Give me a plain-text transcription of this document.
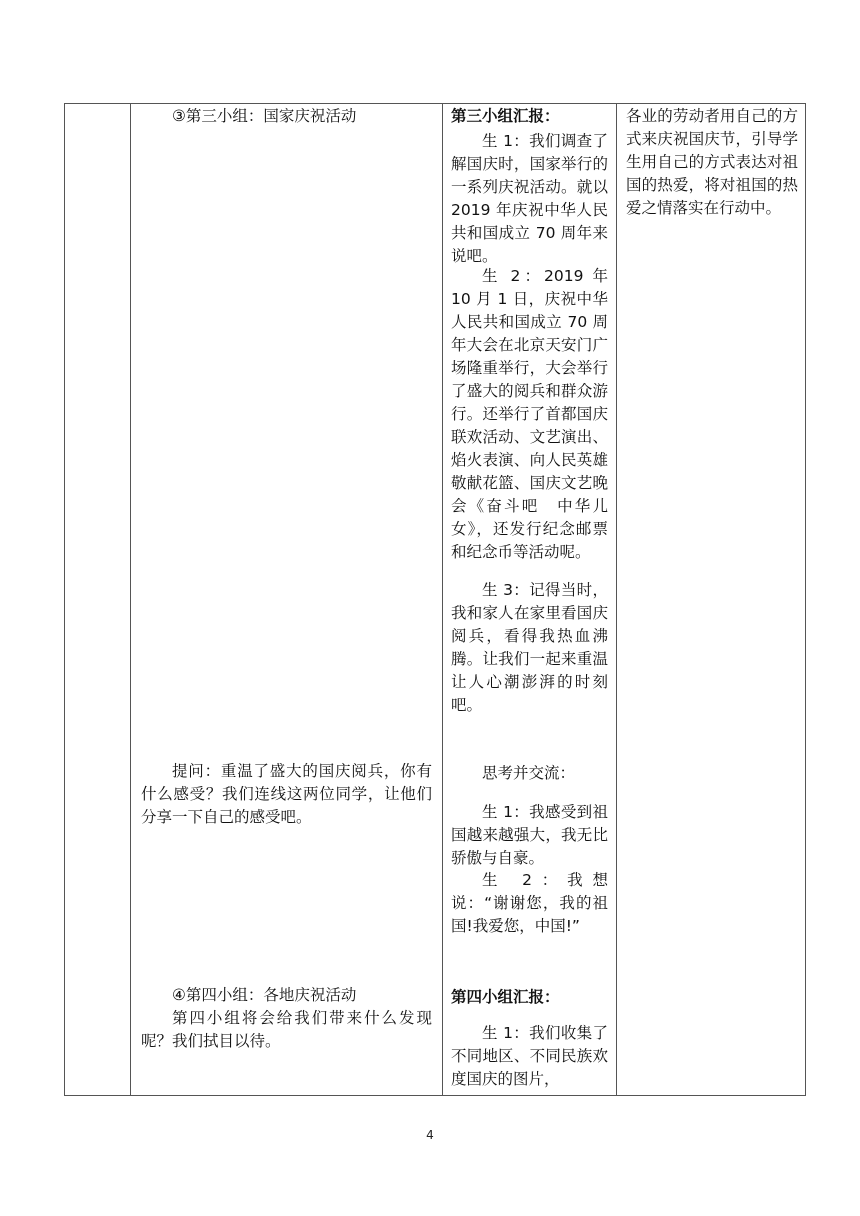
③第三小组：国家庆祝活动
提问：重温了盛大的国庆阅兵，你有什么感受？我们连线这两位同学，让他们分享一下自己的感受吧。
④第四小组：各地庆祝活动
第四小组将会给我们带来什么发现呢？我们拭目以待。
第三小组汇报：
生 1：我们调查了解国庆时，国家举行的一系列庆祝活动。就以 2019 年庆祝中华人民共和国成立 70 周年来说吧。
生 2：2019 年 10 月 1 日，庆祝中华人民共和国成立 70 周年大会在北京天安门广场隆重举行，大会举行了盛大的阅兵和群众游行。还举行了首都国庆联欢活动、文艺演出、焰火表演、向人民英雄敬献花篮、国庆文艺晚会《奋斗吧　中华儿女》，还发行纪念邮票和纪念币等活动呢。
生 3：记得当时，我和家人在家里看国庆阅兵，看得我热血沸腾。让我们一起来重温让人心潮澎湃的时刻吧。
思考并交流：
生 1：我感受到祖国越来越强大，我无比骄傲与自豪。
生 2：我想说：“谢谢您，我的祖国!我爱您，中国!”
第四小组汇报：
生 1：我们收集了不同地区、不同民族欢度国庆的图片，
各业的劳动者用自己的方式来庆祝国庆节，引导学生用自己的方式表达对祖国的热爱，将对祖国的热爱之情落实在行动中。
4
